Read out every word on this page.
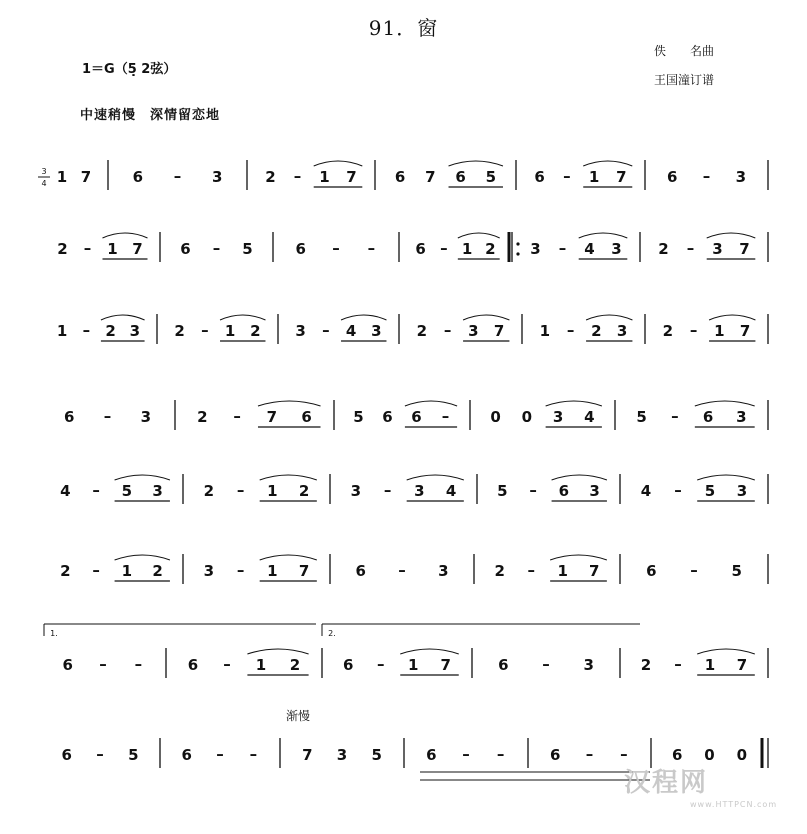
91．窗
1＝G（5̣ 2弦）
中速稍慢　深情留恋地
佚　　名曲
王国潼订谱
渐慢
1 7	6 – 3	2 – 1 7	6 7 6 5	6 – 1 7	6 – 3
2 – 1 7	6 – 5	6 – –	6 – 1 2 3 – 4 3 2 – 3 7
1 – 2 3 2 – 1 2 3 – 4 3 2 – 3 7 1 – 2 3 2 – 1 7
6 – 3	2 – 7 6	5 6 6 –	0 0 3 4	5 – 6 3
4 – 5 3	2 – 1 2	3 – 3 4	5 – 6 3	4 – 5 3
2 – 1 2	3 – 1 7	6 – 3	2 – 1 7	6 – 5
6 – –	6 – 1 2	6 – 1 7	6 – 3	2 – 1 7
6 – 5	6 – –	7 3 5	6 – –	6 – –	6 0 0
3
4
1.	2.
汉程网
www.HTTPCN.com
